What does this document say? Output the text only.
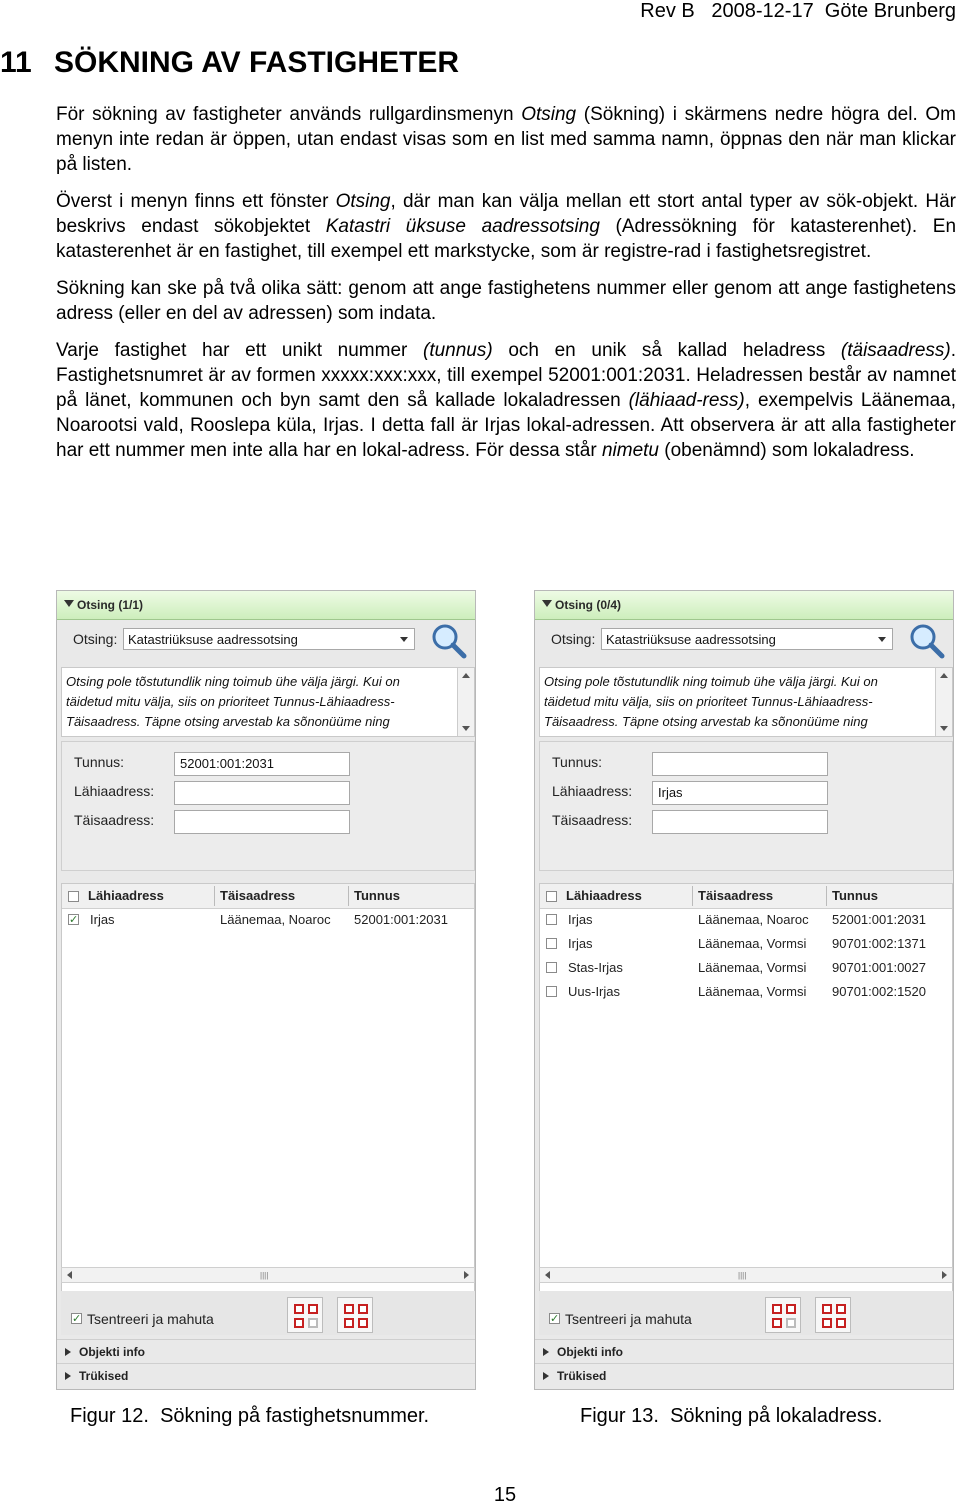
Rev B   2008-12-17  Göte Brunberg
11 SÖKNING AV FASTIGHETER

För sökning av fastigheter används rullgardinsmenyn Otsing (Sökning) i skärmens nedre högra del. Om menyn inte redan är öppen, utan endast visas som en list med samma namn, öppnas den när man klickar på listen.

Överst i menyn finns ett fönster Otsing, där man kan välja mellan ett stort antal typer av sök-objekt. Här beskrivs endast sökobjektet Katastri üksuse aadressotsing (Adressökning för katasterenhet). En katasterenhet är en fastighet, till exempel ett markstycke, som är registre-rad i fastighetsregistret.

Sökning kan ske på två olika sätt: genom att ange fastighetens nummer eller genom att ange fastighetens adress (eller en del av adressen) som indata.

Varje fastighet har ett unikt nummer (tunnus) och en unik så kallad heladress (täisaadress). Fastighetsnumret är av formen xxxxx:xxx:xxx, till exempel 52001:001:2031. Heladressen består av namnet på länet, kommunen och byn samt den så kallade lokaladressen (lähiaad-ress), exempelvis Läänemaa, Noarootsi vald, Rooslepa küla, Irjas. I detta fall är Irjas lokal-adressen. Att observera är att alla fastigheter har ett nummer men inte alla har en lokal-adress. För dessa står nimetu (obenämnd) som lokaladress.

Otsing (1/1)
Otsing: Katastriüksuse aadressotsing
Otsing pole tõstutundlik ning toimub ühe välja järgi. Kui on
täidetud mitu välja, siis on prioriteet Tunnus-Lähiaadress-
Täisaadress. Täpne otsing arvestab ka sõnonüüme ning
Tunnus:	52001:001:2031
Lähiaadress:
Täisaadress:
Lähiaadress	Täisaadress	Tunnus
✓ Irjas	Läänemaa, Noaroc	52001:001:2031
||||
✓ Tsentreeri ja mahuta
Objekti info
Trükised
Otsing (0/4)
Otsing: Katastriüksuse aadressotsing
Otsing pole tõstutundlik ning toimub ühe välja järgi. Kui on
täidetud mitu välja, siis on prioriteet Tunnus-Lähiaadress-
Täisaadress. Täpne otsing arvestab ka sõnonüüme ning
Tunnus:
Lähiaadress:	Irjas
Täisaadress:
Lähiaadress	Täisaadress	Tunnus
Irjas	Läänemaa, Noaroc	52001:001:2031
Irjas	Läänemaa, Vormsi	90701:002:1371
Stas-Irjas	Läänemaa, Vormsi	90701:001:0027
Uus-Irjas	Läänemaa, Vormsi	90701:002:1520
||||
✓ Tsentreeri ja mahuta
Objekti info
Trükised
Figur 12. Sökning på fastighetsnummer.	Figur 13. Sökning på lokaladress.
15
